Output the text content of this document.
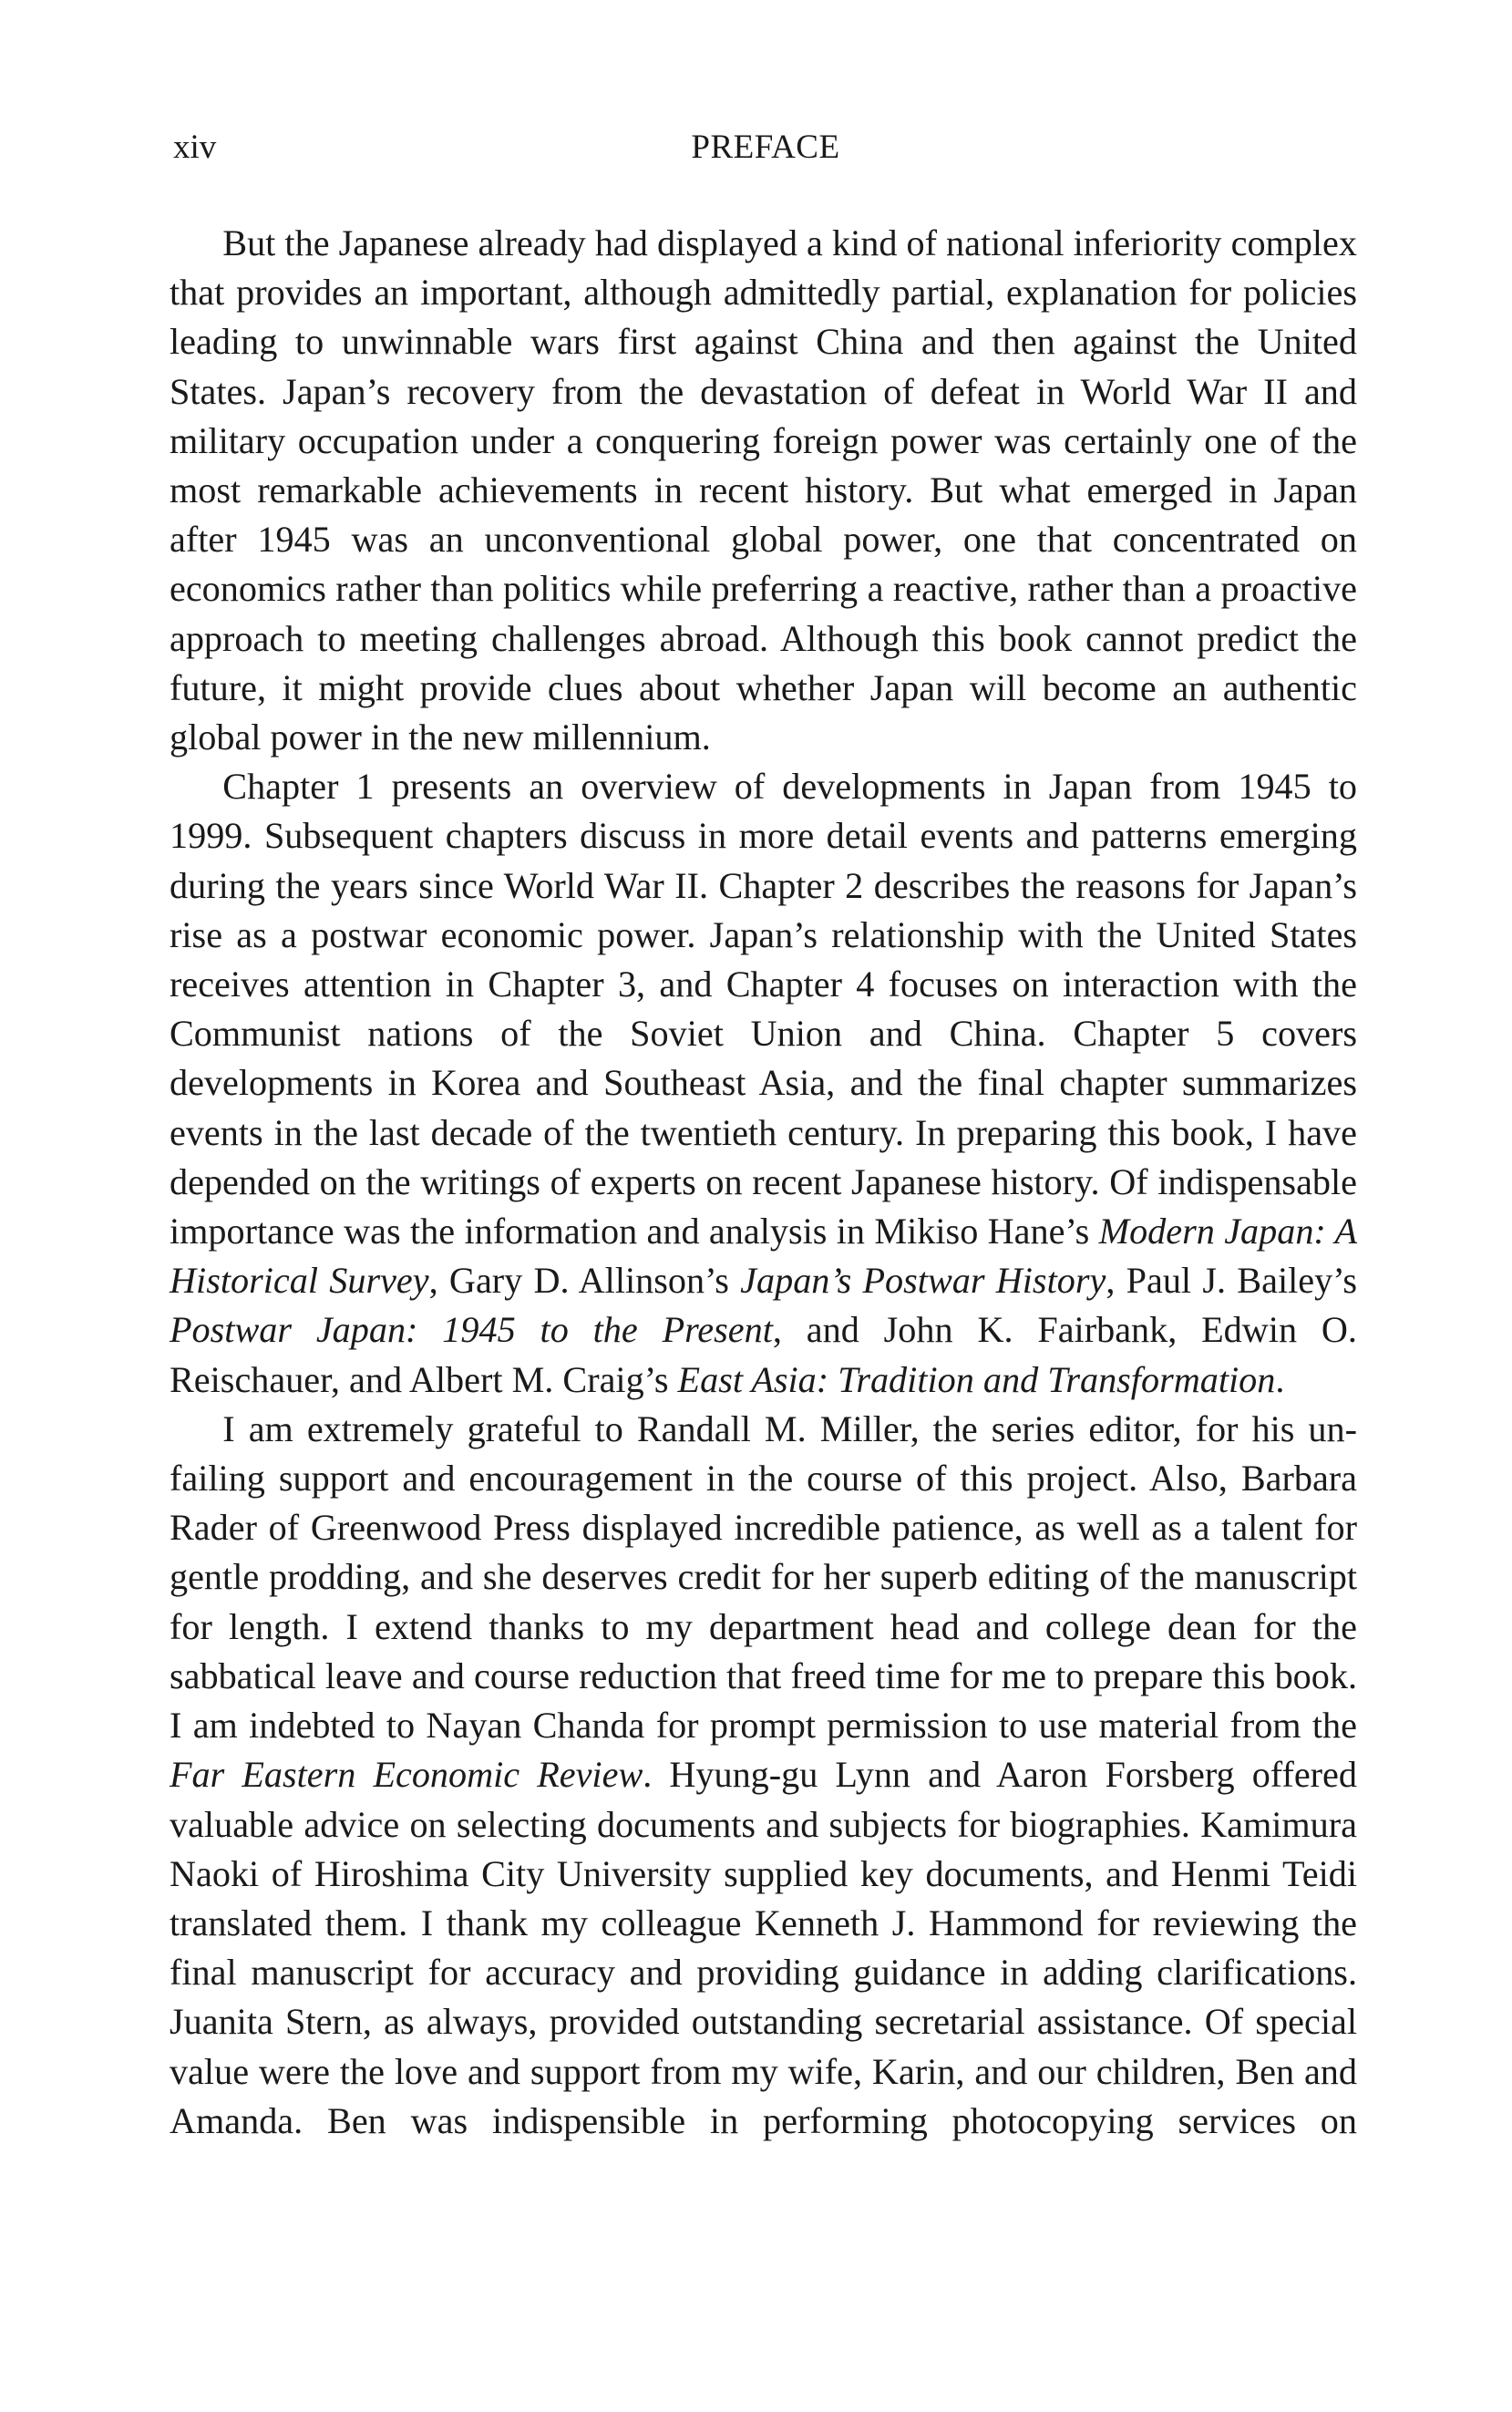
xiv	PREFACE

But the Japanese already had displayed a kind of national inferiority complex that provides an important, although admittedly partial, explanation for policies leading to unwinnable wars first against China and then against the United States. Japan’s recovery from the devastation of defeat in World War II and military occupation under a conquering foreign power was certainly one of the most remarkable achievements in recent history. But what emerged in Japan after 1945 was an unconventional global power, one that concentrated on economics rather than politics while preferring a reactive, rather than a proactive approach to meeting challenges abroad. Although this book cannot predict the future, it might provide clues about whether Japan will become an authentic global power in the new millennium.

Chapter 1 presents an overview of developments in Japan from 1945 to 1999. Subsequent chapters discuss in more detail events and patterns emerging during the years since World War II. Chapter 2 describes the reasons for Japan’s rise as a postwar economic power. Japan’s relationship with the United States receives attention in Chapter 3, and Chapter 4 focuses on interaction with the Communist nations of the Soviet Union and China. Chapter 5 covers developments in Korea and Southeast Asia, and the final chapter summarizes events in the last decade of the twentieth century. In preparing this book, I have depended on the writings of experts on recent Japanese history. Of indispensable importance was the information and analysis in Mikiso Hane’s Modern Japan: A Historical Survey, Gary D. Allinson’s Japan’s Postwar History, Paul J. Bailey’s Postwar Japan: 1945 to the Present, and John K. Fairbank, Edwin O. Reischauer, and Albert M. Craig’s East Asia: Tradition and Transformation.

I am extremely grateful to Randall M. Miller, the series editor, for his unfailing support and encouragement in the course of this project. Also, Barbara Rader of Greenwood Press displayed incredible patience, as well as a talent for gentle prodding, and she deserves credit for her superb editing of the manuscript for length. I extend thanks to my department head and college dean for the sabbatical leave and course reduction that freed time for me to prepare this book. I am indebted to Nayan Chanda for prompt permission to use material from the Far Eastern Economic Review. Hyung-gu Lynn and Aaron Forsberg offered valuable advice on selecting documents and subjects for biographies. Kamimura Naoki of Hiroshima City University supplied key documents, and Henmi Teidi translated them. I thank my colleague Kenneth J. Hammond for reviewing the final manuscript for accuracy and providing guidance in adding clarifications. Juanita Stern, as always, provided outstanding secretarial assistance. Of special value were the love and support from my wife, Karin, and our children, Ben and Amanda. Ben was indispensible in performing photocopying services on
